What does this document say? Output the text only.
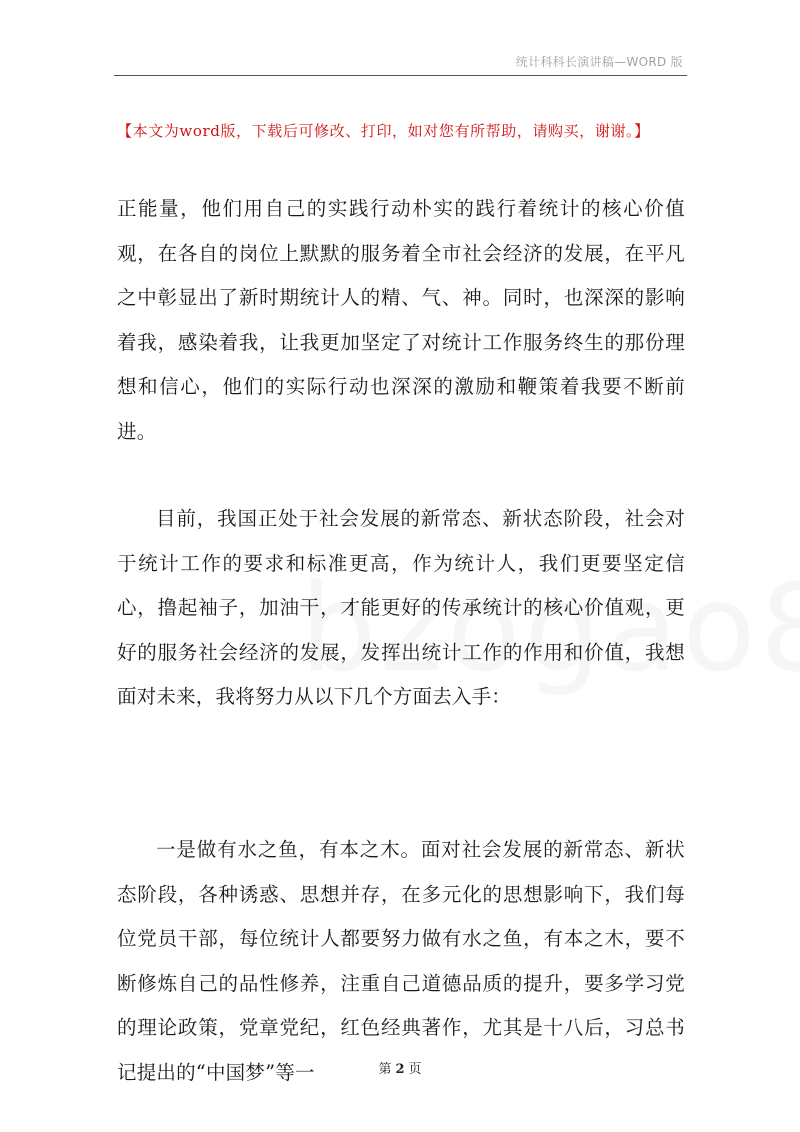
统计科科长演讲稿—WORD 版
【本文为word版，下载后可修改、打印，如对您有所帮助，请购买，谢谢。】

正能量，他们用自己的实践行动朴实的践行着统计的核心价值观，在各自的岗位上默默的服务着全市社会经济的发展，在平凡之中彰显出了新时期统计人的精、气、神。同时，也深深的影响着我，感染着我，让我更加坚定了对统计工作服务终生的那份理想和信心，他们的实际行动也深深的激励和鞭策着我要不断前进。

目前，我国正处于社会发展的新常态、新状态阶段，社会对于统计工作的要求和标准更高，作为统计人，我们更要坚定信心，撸起袖子，加油干，才能更好的传承统计的核心价值观，更好的服务社会经济的发展，发挥出统计工作的作用和价值，我想面对未来，我将努力从以下几个方面去入手：

一是做有水之鱼，有本之木。面对社会发展的新常态、新状态阶段，各种诱惑、思想并存，在多元化的思想影响下，我们每位党员干部，每位统计人都要努力做有水之鱼，有本之木，要不断修炼自己的品性修养，注重自己道德品质的提升，要多学习党的理论政策，党章党纪，红色经典著作，尤其是十八后，习总书记提出的“中国梦”等一	第 2 页
